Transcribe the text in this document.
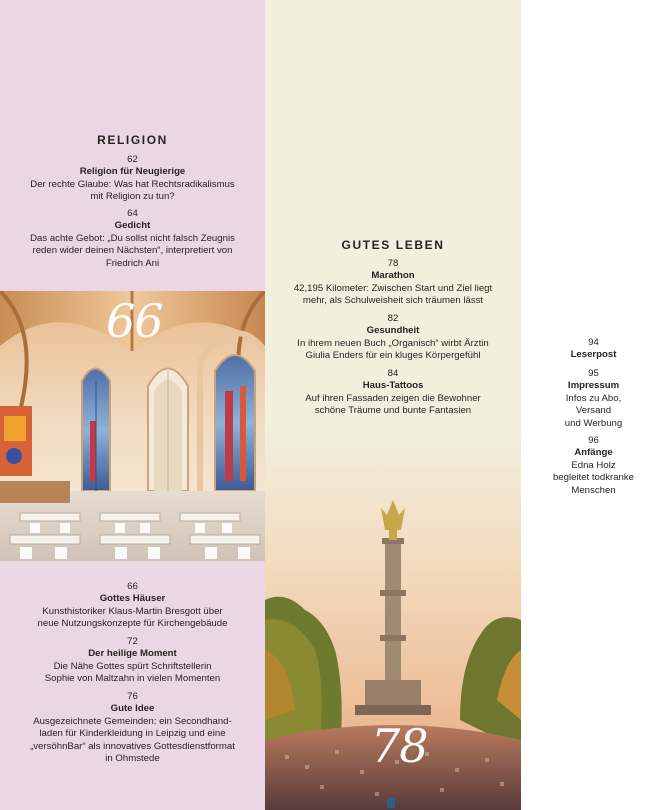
RELIGION
62
Religion für Neugierige
Der rechte Glaube: Was hat Rechtsradikalismus
mit Religion zu tun?
64
Gedicht
Das achte Gebot: „Du sollst nicht falsch Zeugnis
reden wider deinen Nächsten“, interpretiert von
Friedrich Ani
66
66
Gottes Häuser
Kunsthistoriker Klaus-Martin Bresgott über
neue Nutzungskonzepte für Kirchengebäude
72
Der heilige Moment
Die Nähe Gottes spürt Schriftstellerin
Sophie von Maltzahn in vielen Momenten
76
Gute Idee
Ausgezeichnete Gemeinden: ein Secondhand-
laden für Kinderkleidung in Leipzig und eine
„versöhnBar“ als innovatives Gottesdienstformat
in Ohmstede	78
GUTES LEBEN
78
Marathon
42,195 Kilometer: Zwischen Start und Ziel liegt
mehr, als Schulweisheit sich träumen lässt
82
Gesundheit
In ihrem neuen Buch „Organisch“ wirbt Ärztin
Giulia Enders für ein kluges Körpergefühl
84
Haus-Tattoos
Auf ihren Fassaden zeigen die Bewohner
schöne Träume und bunte Fantasien
94
Leserpost
95
Impressum
Infos zu Abo,
Versand
und Werbung
96
Anfänge
Edna Holz
begleitet todkranke
Menschen
